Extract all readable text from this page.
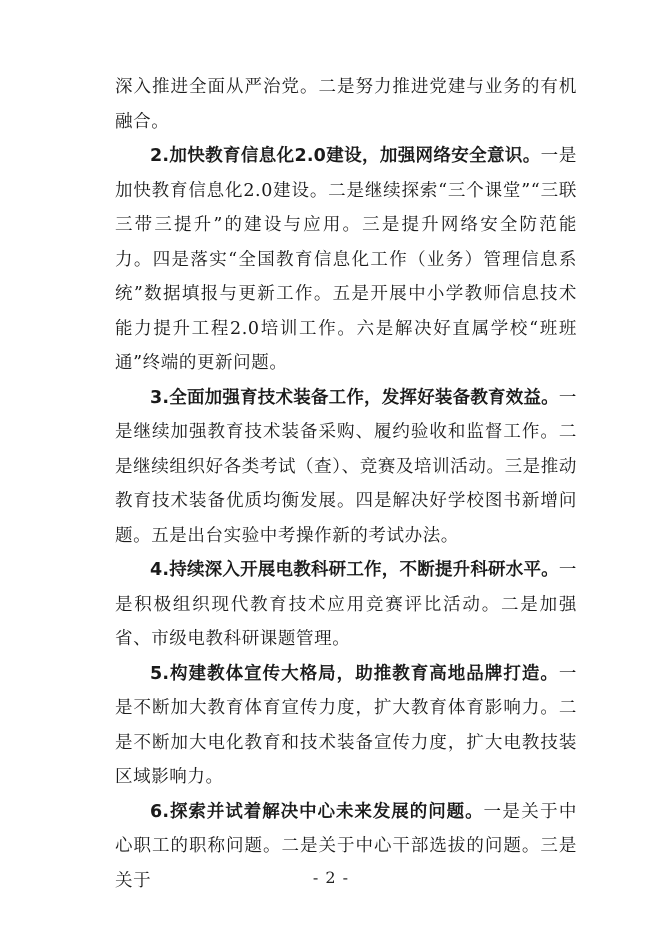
深入推进全面从严治党。二是努力推进党建与业务的有机融合。

2.加快教育信息化2.0建设，加强网络安全意识。一是加快教育信息化2.0建设。二是继续探索“三个课堂”“三联三带三提升”的建设与应用。三是提升网络安全防范能力。四是落实“全国教育信息化工作（业务）管理信息系统”数据填报与更新工作。五是开展中小学教师信息技术能力提升工程2.0培训工作。六是解决好直属学校“班班通”终端的更新问题。

3.全面加强育技术装备工作，发挥好装备教育效益。一是继续加强教育技术装备采购、履约验收和监督工作。二是继续组织好各类考试（查）、竞赛及培训活动。三是推动教育技术装备优质均衡发展。四是解决好学校图书新增问题。五是出台实验中考操作新的考试办法。

4.持续深入开展电教科研工作，不断提升科研水平。一是积极组织现代教育技术应用竞赛评比活动。二是加强省、市级电教科研课题管理。

5.构建教体宣传大格局，助推教育高地品牌打造。一是不断加大教育体育宣传力度，扩大教育体育影响力。二是不断加大电化教育和技术装备宣传力度，扩大电教技装区域影响力。

6.探索并试着解决中心未来发展的问题。一是关于中心职工的职称问题。二是关于中心干部选拔的问题。三是关于	- 2 -
